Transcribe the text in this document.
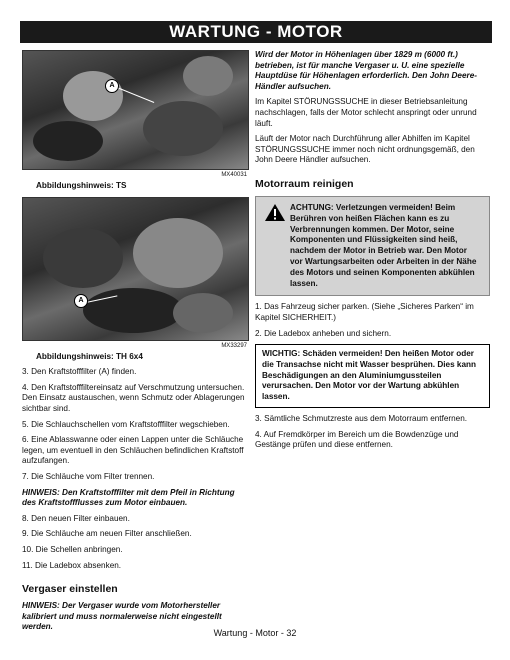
WARTUNG - MOTOR
A
MX40031
Abbildungshinweis: TS
A
MX33297
Abbildungshinweis: TH 6x4

3. Den Kraftstofffilter (A) finden.

4. Den Kraftstofffiltereinsatz auf Verschmutzung untersuchen. Den Einsatz austauschen, wenn Schmutz oder Ablagerungen sichtbar sind.

5. Die Schlauchschellen vom Kraftstofffilter wegschieben.

6. Eine Ablasswanne oder einen Lappen unter die Schläuche legen, um eventuell in den Schläuchen befindlichen Kraftstoff aufzufangen.

7. Die Schläuche vom Filter trennen.

HINWEIS: Den Kraftstofffilter mit dem Pfeil in Richtung des Kraftstoffflusses zum Motor einbauen.

8. Den neuen Filter einbauen.

9. Die Schläuche am neuen Filter anschließen.

10. Die Schellen anbringen.

11. Die Ladebox absenken.

Vergaser einstellen

HINWEIS: Der Vergaser wurde vom Motorhersteller kalibriert und muss normalerweise nicht eingestellt werden.

Wird der Motor in Höhenlagen über 1829 m (6000 ft.) betrieben, ist für manche Vergaser u. U. eine spezielle Hauptdüse für Höhenlagen erforderlich. Den John Deere-Händler aufsuchen.

Im Kapitel STÖRUNGSSUCHE in dieser Betriebsanleitung nachschlagen, falls der Motor schlecht anspringt oder unrund läuft.

Läuft der Motor nach Durchführung aller Abhilfen im Kapitel STÖRUNGSSUCHE immer noch nicht ordnungsgemäß, den John Deere Händler aufsuchen.

Motorraum reinigen
ACHTUNG: Verletzungen vermeiden! Beim Berühren von heißen Flächen kann es zu Verbrennungen kommen. Der Motor, seine Komponenten und Flüssigkeiten sind heiß, nachdem der Motor in Betrieb war. Den Motor vor Wartungsarbeiten oder Arbeiten in der Nähe des Motors und seinen Komponenten abkühlen lassen.

1. Das Fahrzeug sicher parken. (Siehe „Sicheres Parken“ im Kapitel SICHERHEIT.)

2. Die Ladebox anheben und sichern.

WICHTIG: Schäden vermeiden! Den heißen Motor oder die Transachse nicht mit Wasser besprühen. Dies kann Beschädigungen an den Aluminiumgussteilen verursachen. Den Motor vor der Wartung abkühlen lassen.

3. Sämtliche Schmutzreste aus dem Motorraum entfernen.

4. Auf Fremdkörper im Bereich um die Bowdenzüge und Gestänge prüfen und diese entfernen.

Wartung - Motor - 32
